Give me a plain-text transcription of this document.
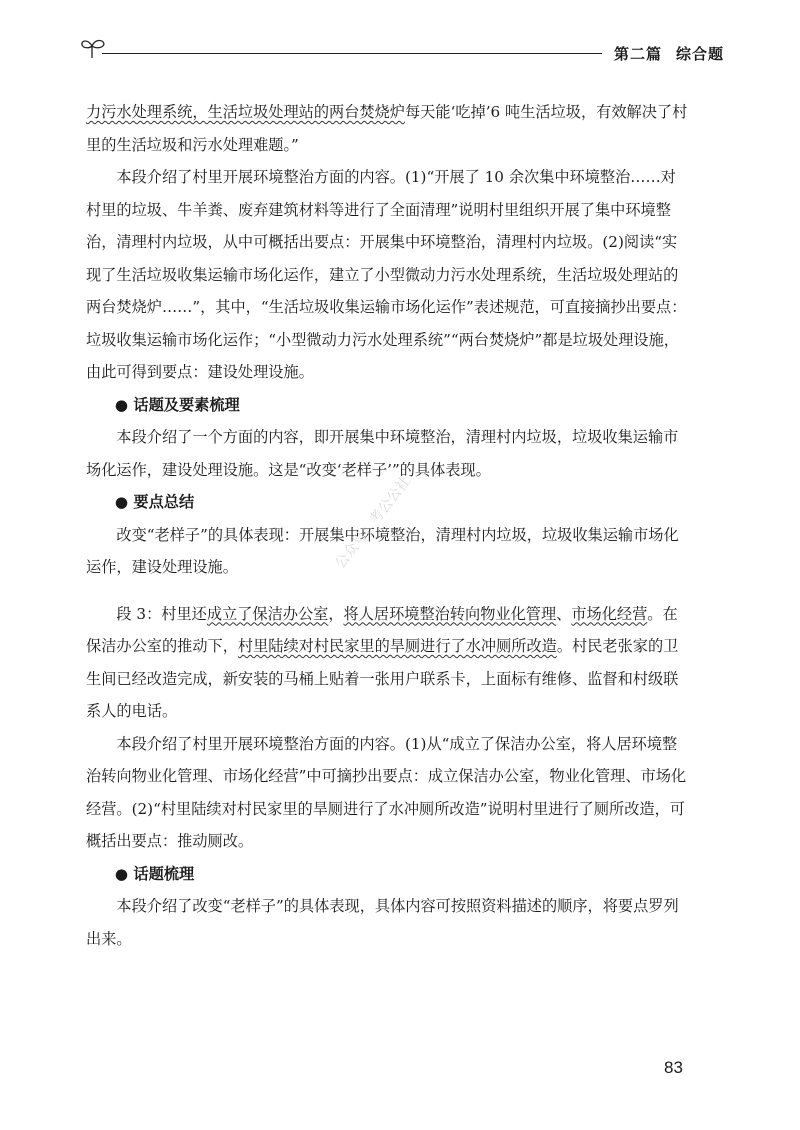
第二篇 综合题

力污水处理系统，生活垃圾处理站的两台焚烧炉每天能‘吃掉’6 吨生活垃圾，有效解决了村里的生活垃圾和污水处理难题。”

本段介绍了村里开展环境整治方面的内容。(1)“开展了 10 余次集中环境整治……对村里的垃圾、牛羊粪、废弃建筑材料等进行了全面清理”说明村里组织开展了集中环境整治，清理村内垃圾，从中可概括出要点：开展集中环境整治，清理村内垃圾。(2)阅读“实现了生活垃圾收集运输市场化运作，建立了小型微动力污水处理系统，生活垃圾处理站的两台焚烧炉……”，其中，“生活垃圾收集运输市场化运作”表述规范，可直接摘抄出要点：垃圾收集运输市场化运作；“小型微动力污水处理系统”“两台焚烧炉”都是垃圾处理设施，由此可得到要点：建设处理设施。

● 话题及要素梳理

本段介绍了一个方面的内容，即开展集中环境整治，清理村内垃圾，垃圾收集运输市场化运作，建设处理设施。这是“改变‘老样子’”的具体表现。

● 要点总结

改变“老样子”的具体表现：开展集中环境整治，清理村内垃圾，垃圾收集运输市场化运作，建设处理设施。

段 3：村里还成立了保洁办公室，将人居环境整治转向物业化管理、市场化经营。在保洁办公室的推动下，村里陆续对村民家里的旱厕进行了水冲厕所改造。村民老张家的卫生间已经改造完成，新安装的马桶上贴着一张用户联系卡，上面标有维修、监督和村级联系人的电话。

本段介绍了村里开展环境整治方面的内容。(1)从“成立了保洁办公室，将人居环境整治转向物业化管理、市场化经营”中可摘抄出要点：成立保洁办公室，物业化管理、市场化经营。(2)“村里陆续对村民家里的旱厕进行了水冲厕所改造”说明村里进行了厕所改造，可概括出要点：推动厕改。

● 话题梳理

本段介绍了改变“老样子”的具体表现，具体内容可按照资料描述的顺序，将要点罗列出来。

公众号：考公公社
83
